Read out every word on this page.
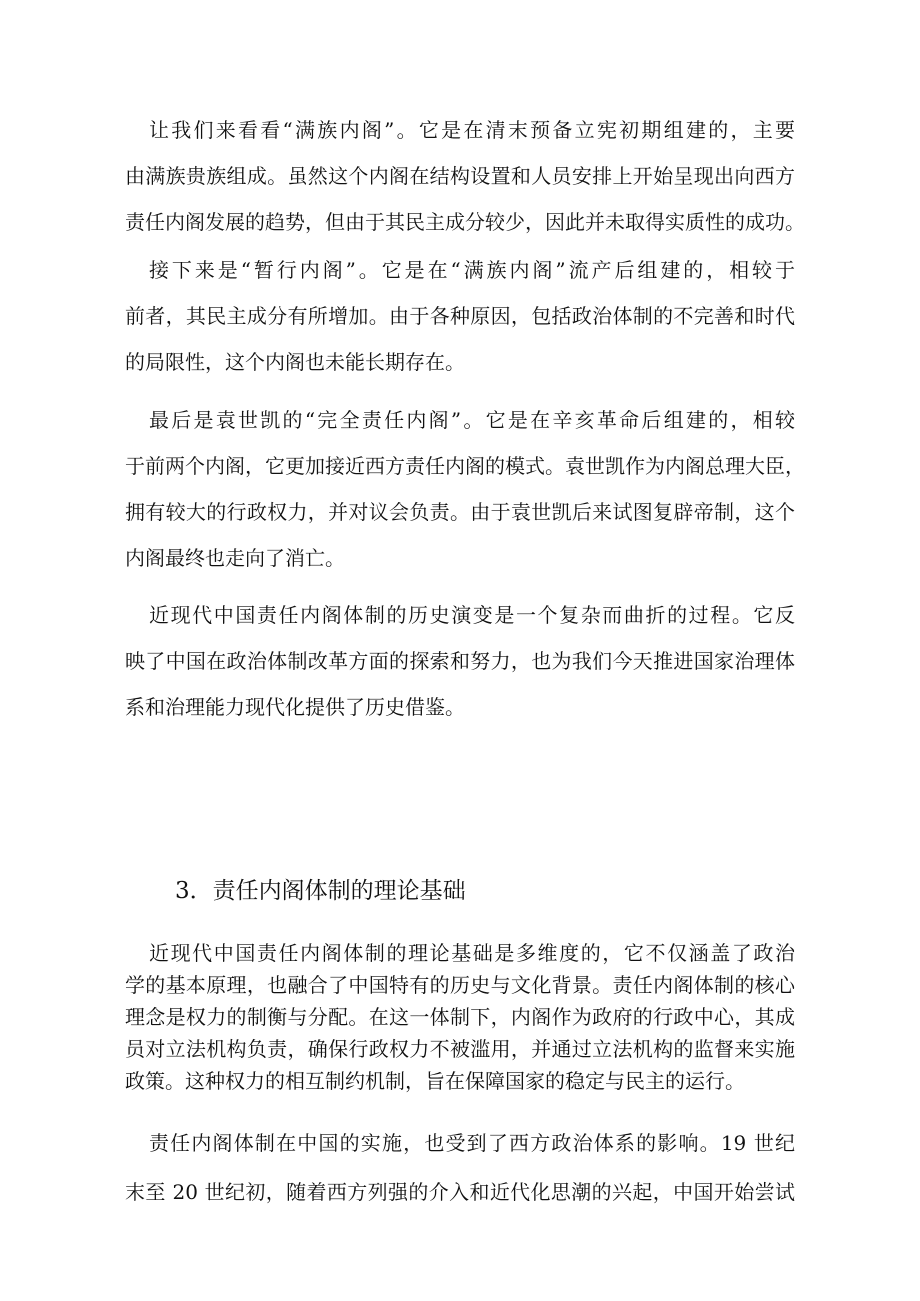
让我们来看看“满族内阁”。它是在清末预备立宪初期组建的，主要
由满族贵族组成。虽然这个内阁在结构设置和人员安排上开始呈现出向西方
责任内阁发展的趋势，但由于其民主成分较少，因此并未取得实质性的成功。
接下来是“暂行内阁”。它是在“满族内阁”流产后组建的，相较于
前者，其民主成分有所增加。由于各种原因，包括政治体制的不完善和时代
的局限性，这个内阁也未能长期存在。
最后是袁世凯的“完全责任内阁”。它是在辛亥革命后组建的，相较
于前两个内阁，它更加接近西方责任内阁的模式。袁世凯作为内阁总理大臣，
拥有较大的行政权力，并对议会负责。由于袁世凯后来试图复辟帝制，这个
内阁最终也走向了消亡。
近现代中国责任内阁体制的历史演变是一个复杂而曲折的过程。它反
映了中国在政治体制改革方面的探索和努力，也为我们今天推进国家治理体
系和治理能力现代化提供了历史借鉴。
3．责任内阁体制的理论基础
近现代中国责任内阁体制的理论基础是多维度的，它不仅涵盖了政治
学的基本原理，也融合了中国特有的历史与文化背景。责任内阁体制的核心
理念是权力的制衡与分配。在这一体制下，内阁作为政府的行政中心，其成
员对立法机构负责，确保行政权力不被滥用，并通过立法机构的监督来实施
政策。这种权力的相互制约机制，旨在保障国家的稳定与民主的运行。
责任内阁体制在中国的实施，也受到了西方政治体系的影响。19 世纪
末至 20 世纪初，随着西方列强的介入和近代化思潮的兴起，中国开始尝试
